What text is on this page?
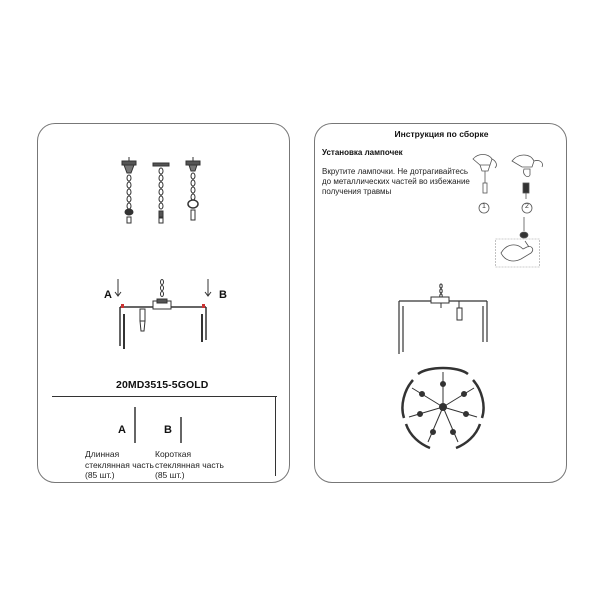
A	B
20MD3515-5GOLD
A
Длинная стеклянная часть
(85 шт.)
B
Короткая стеклянная часть
(85 шт.)
Инструкция по сборке
Установка лампочек
Вкрутите лампочки. Не дотрагивайтесь до металлических частей во избежание получения травмы
1	2
